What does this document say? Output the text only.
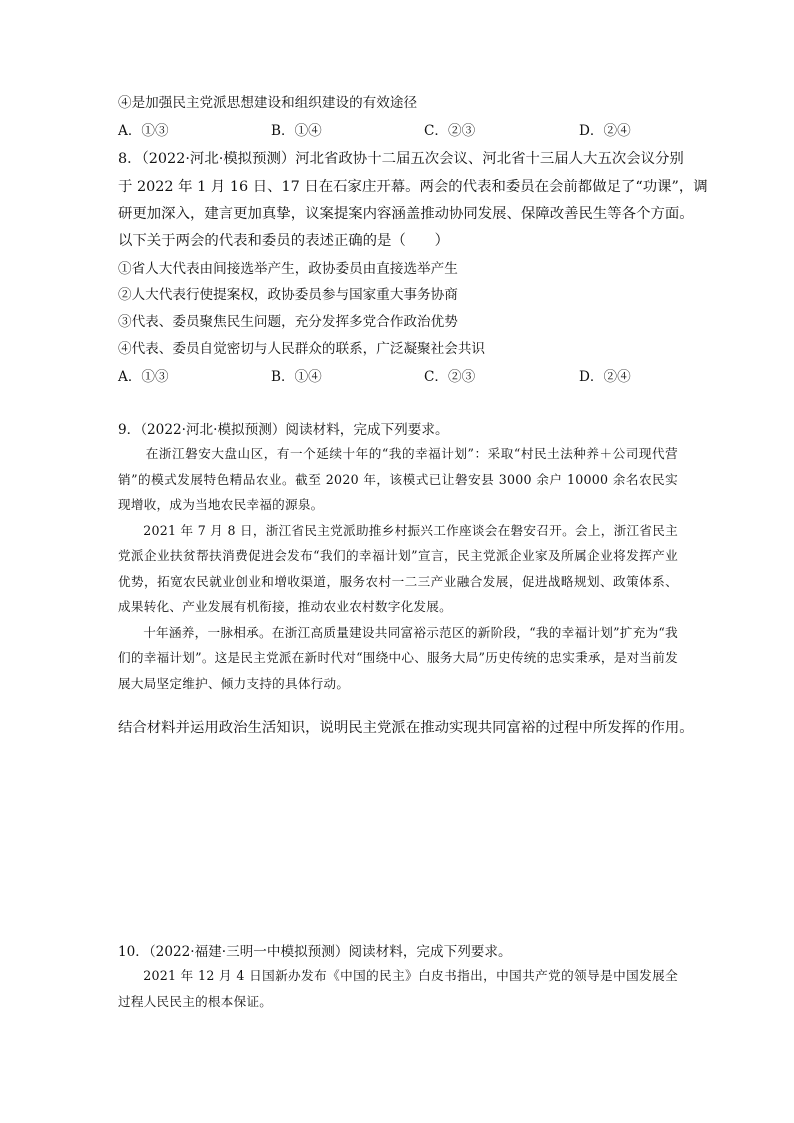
④是加强民主党派思想建设和组织建设的有效途径
A．①③	B．①④	C．②③	D．②④
8．（2022·河北·模拟预测）河北省政协十二届五次会议、河北省十三届人大五次会议分别
于 2022 年 1 月 16 日、17 日在石家庄开幕。两会的代表和委员在会前都做足了“功课”，调
研更加深入，建言更加真挚，议案提案内容涵盖推动协同发展、保障改善民生等各个方面。
以下关于两会的代表和委员的表述正确的是（　　）
①省人大代表由间接选举产生，政协委员由直接选举产生
②人大代表行使提案权，政协委员参与国家重大事务协商
③代表、委员聚焦民生问题，充分发挥多党合作政治优势
④代表、委员自觉密切与人民群众的联系，广泛凝聚社会共识
A．①③	B．①④	C．②③	D．②④
9．（2022·河北·模拟预测）阅读材料，完成下列要求。

在浙江磐安大盘山区，有一个延续十年的“我的幸福计划”：采取“村民土法种养＋公司现代营销”的模式发展特色精品农业。截至 2020 年，该模式已让磐安县 3000 余户 10000 余名农民实现增收，成为当地农民幸福的源泉。

2021 年 7 月 8 日，浙江省民主党派助推乡村振兴工作座谈会在磐安召开。会上，浙江省民主党派企业扶贫帮扶消费促进会发布“我们的幸福计划”宣言，民主党派企业家及所属企业将发挥产业优势，拓宽农民就业创业和增收渠道，服务农村一二三产业融合发展，促进战略规划、政策体系、成果转化、产业发展有机衔接，推动农业农村数字化发展。

十年涵养，一脉相承。在浙江高质量建设共同富裕示范区的新阶段，“我的幸福计划”扩充为“我们的幸福计划”。这是民主党派在新时代对“围绕中心、服务大局”历史传统的忠实秉承，是对当前发展大局坚定维护、倾力支持的具体行动。

结合材料并运用政治生活知识，说明民主党派在推动实现共同富裕的过程中所发挥的作用。
10．（2022·福建·三明一中模拟预测）阅读材料，完成下列要求。

2021 年 12 月 4 日国新办发布《中国的民主》白皮书指出，中国共产党的领导是中国发展全过程人民民主的根本保证。
